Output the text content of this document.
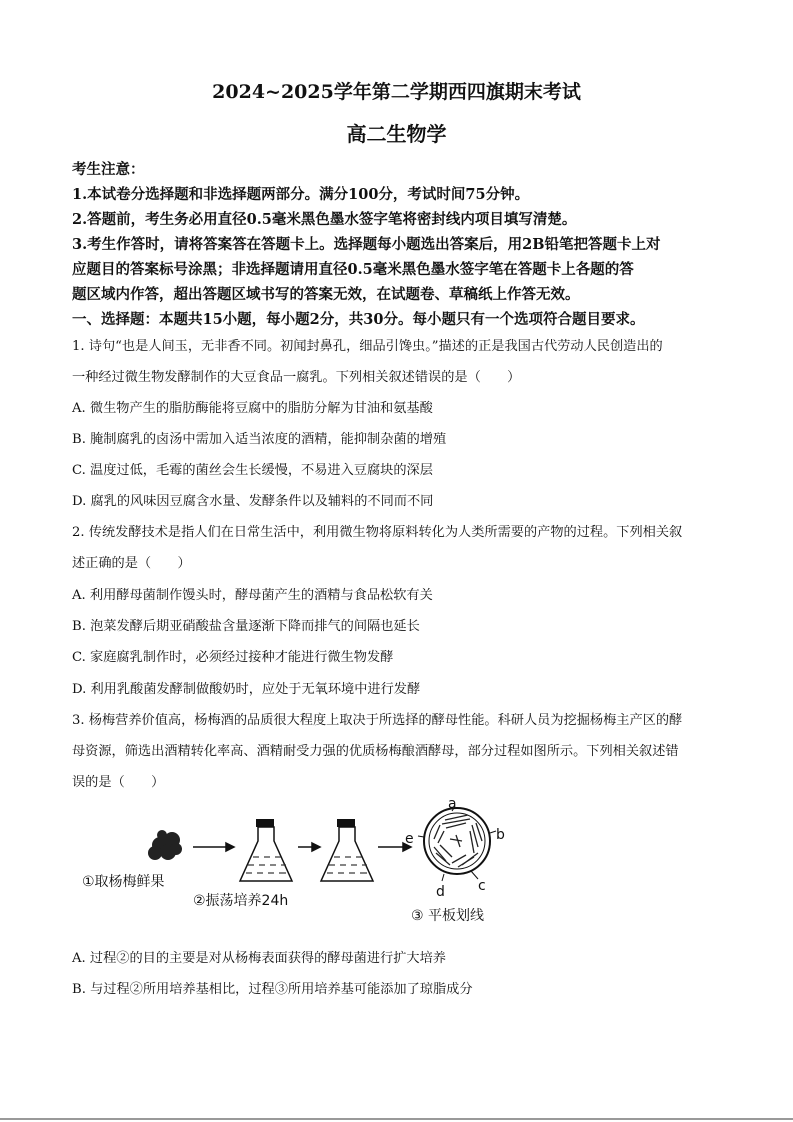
2024~2025学年第二学期西四旗期末考试
高二生物学
考生注意：
1.本试卷分选择题和非选择题两部分。满分100分，考试时间75分钟。
2.答题前，考生务必用直径0.5毫米黑色墨水签字笔将密封线内项目填写清楚。
3.考生作答时，请将答案答在答题卡上。选择题每小题选出答案后，用2B铅笔把答题卡上对
应题目的答案标号涂黑；非选择题请用直径0.5毫米黑色墨水签字笔在答题卡上各题的答
题区域内作答，超出答题区域书写的答案无效，在试题卷、草稿纸上作答无效。
一、选择题：本题共15小题，每小题2分，共30分。每小题只有一个选项符合题目要求。
1. 诗句“也是人间玉，无非香不同。初闻封鼻孔，细品引馋虫。”描述的正是我国古代劳动人民创造出的
一种经过微生物发酵制作的大豆食品一腐乳。下列相关叙述错误的是（　　）
A. 微生物产生的脂肪酶能将豆腐中的脂肪分解为甘油和氨基酸
B. 腌制腐乳的卤汤中需加入适当浓度的酒精，能抑制杂菌的增殖
C. 温度过低，毛霉的菌丝会生长缓慢，不易进入豆腐块的深层
D. 腐乳的风味因豆腐含水量、发酵条件以及辅料的不同而不同
2. 传统发酵技术是指人们在日常生活中，利用微生物将原料转化为人类所需要的产物的过程。下列相关叙
述正确的是（　　）
A. 利用酵母菌制作馒头时，酵母菌产生的酒精与食品松软有关
B. 泡菜发酵后期亚硝酸盐含量逐渐下降而排气的间隔也延长
C. 家庭腐乳制作时，必须经过接种才能进行微生物发酵
D. 利用乳酸菌发酵制做酸奶时，应处于无氧环境中进行发酵
3. 杨梅营养价值高，杨梅酒的品质很大程度上取决于所选择的酵母性能。科研人员为挖掘杨梅主产区的酵
母资源，筛选出酒精转化率高、酒精耐受力强的优质杨梅酿酒酵母，部分过程如图所示。下列相关叙述错
误的是（　　）
a
b
c
d
e
①取杨梅鲜果
②振荡培养24h
③ 平板划线
A. 过程②的目的主要是对从杨梅表面获得的酵母菌进行扩大培养
B. 与过程②所用培养基相比，过程③所用培养基可能添加了琼脂成分
